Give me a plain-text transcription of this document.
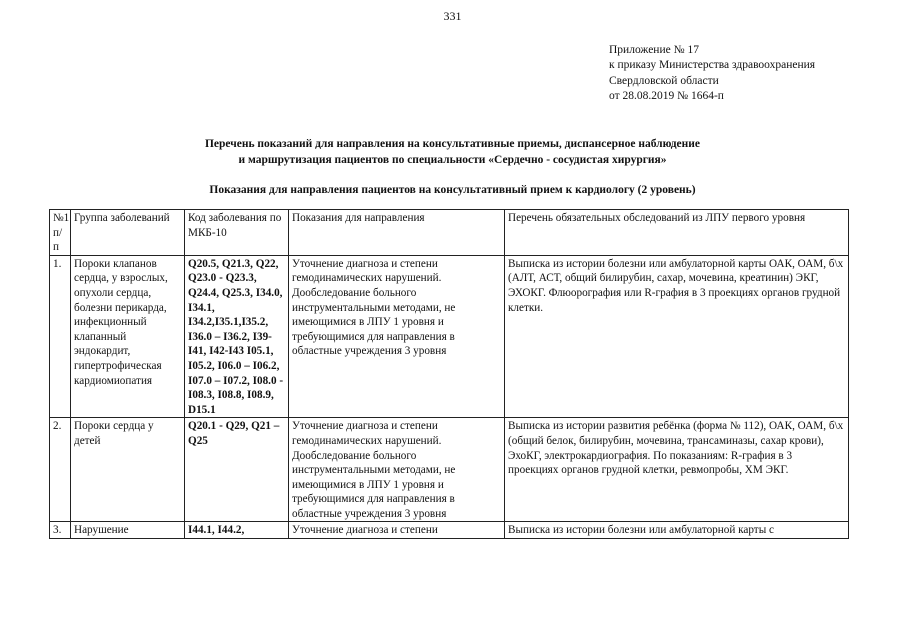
331
Приложение № 17
к приказу Министерства здравоохранения
Свердловской области
от 28.08.2019 № 1664-п
Перечень показаний для направления на консультативные приемы, диспансерное наблюдение
и маршрутизация пациентов по специальности «Сердечно - сосудистая хирургия»
Показания для направления пациентов на консультативный прием к кардиологу (2 уровень)
№1 п/п	Группа заболеваний	Код заболевания по МКБ-10	Показания для направления	Перечень обязательных обследований из ЛПУ первого уровня
1.	Пороки клапанов сердца, у взрослых, опухоли сердца, болезни перикарда, инфекционный клапанный эндокардит, гипертрофическая кардиомиопатия	Q20.5, Q21.3, Q22, Q23.0 - Q23.3, Q24.4, Q25.3, I34.0, I34.1, I34.2,I35.1,I35.2, I36.0 – I36.2, I39-I41, I42-I43 I05.1, I05.2, I06.0 – I06.2, I07.0 – I07.2, I08.0 - I08.3, I08.8, I08.9, D15.1	Уточнение диагноза и степени гемодинамических нарушений. Дообследование больного инструментальными методами, не имеющимися в ЛПУ 1 уровня и требующимися для направления в областные учреждения 3 уровня	Выписка из истории болезни или амбулаторной карты ОАК, ОАМ, б\х (АЛТ, АСТ, общий билирубин, сахар, мочевина, креатинин) ЭКГ, ЭХОКГ. Флюорография или R-графия в 3 проекциях органов грудной клетки.
2.	Пороки сердца у детей	Q20.1 - Q29, Q21 – Q25	Уточнение диагноза и степени гемодинамических нарушений. Дообследование больного инструментальными методами, не имеющимися в ЛПУ 1 уровня и требующимися для направления в областные учреждения 3 уровня	Выписка из истории развития ребёнка (форма № 112), ОАК, ОАМ, б\х (общий белок, билирубин, мочевина, трансаминазы, сахар крови), ЭхоКГ, электрокардиография. По показаниям: R-графия в 3 проекциях органов грудной клетки, ревмопробы, ХМ ЭКГ.
3.	Нарушение	I44.1, I44.2,	Уточнение диагноза и степени	Выписка из истории болезни или амбулаторной карты с
